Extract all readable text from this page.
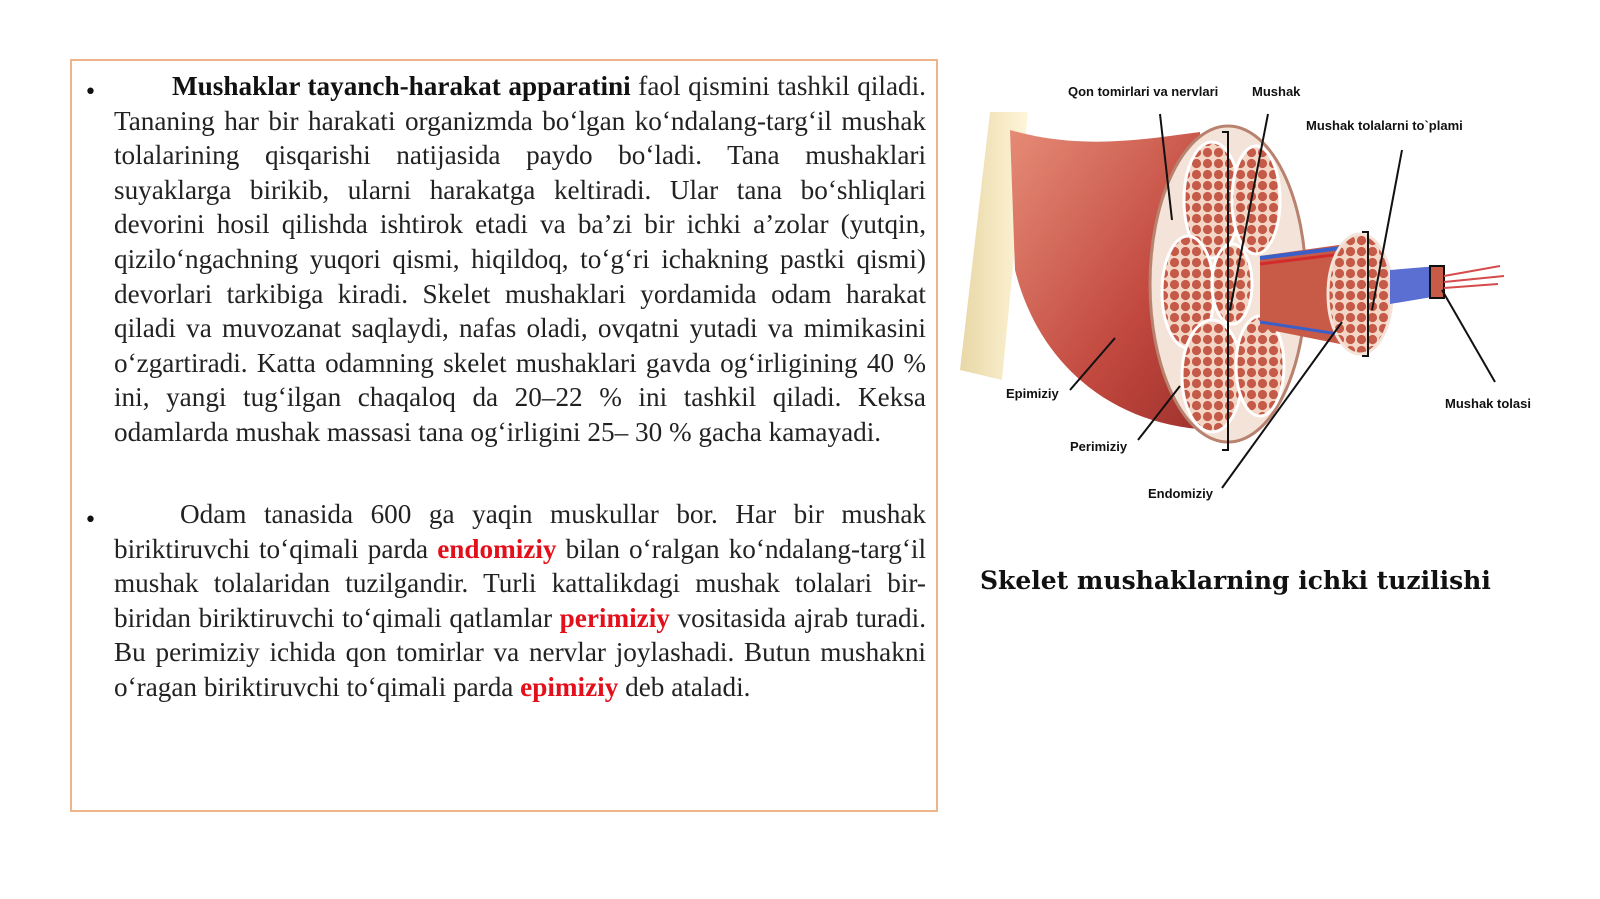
•	Mushaklar tayanch-harakat apparatini faol qismini tashkil qiladi. Tananing har bir harakati organizmda bo‘lgan ko‘ndalang-targ‘il mushak tolalarining qisqarishi natijasida paydo bo‘ladi. Tana mushaklari suyaklarga birikib, ularni harakatga keltiradi. Ular tana bo‘shliqlari devorini hosil qilishda ishtirok etadi va ba’zi bir ichki a’zolar (yutqin, qizilo‘ngachning yuqori qismi, hiqildoq, to‘g‘ri ichakning pastki qismi) devorlari tarkibiga kiradi. Skelet mushaklari yordamida odam harakat qiladi va muvozanat saqlaydi, nafas oladi, ovqatni yutadi va mimikasini o‘zgartiradi. Katta odamning skelet mushaklari gavda og‘irligining 40 % ini, yangi tug‘ilgan chaqaloq da 20–22 % ini tashkil qiladi. Keksa odamlarda mushak massasi tana og‘irligini 25– 30 % gacha kamayadi.

•	Odam tanasida 600 ga yaqin muskullar bor. Har bir mushak biriktiruvchi to‘qimali parda endomiziy bilan o‘ralgan ko‘ndalang-targ‘il mushak tolalaridan tuzilgandir. Turli kattalikdagi mushak tolalari bir-biridan biriktiruvchi to‘qimali qatlamlar perimiziy vositasida ajrab turadi. Bu perimiziy ichida qon tomirlar va nervlar joylashadi. Butun mushakni o‘ragan biriktiruvchi to‘qimali parda epimiziy deb ataladi.

Qon tomirlari va nervlari	Mushak
Mushak tolalarni to`plami
Epimiziy
Perimiziy
Endomiziy
Mushak tolasi
Skelet mushaklarning ichki tuzilishi
